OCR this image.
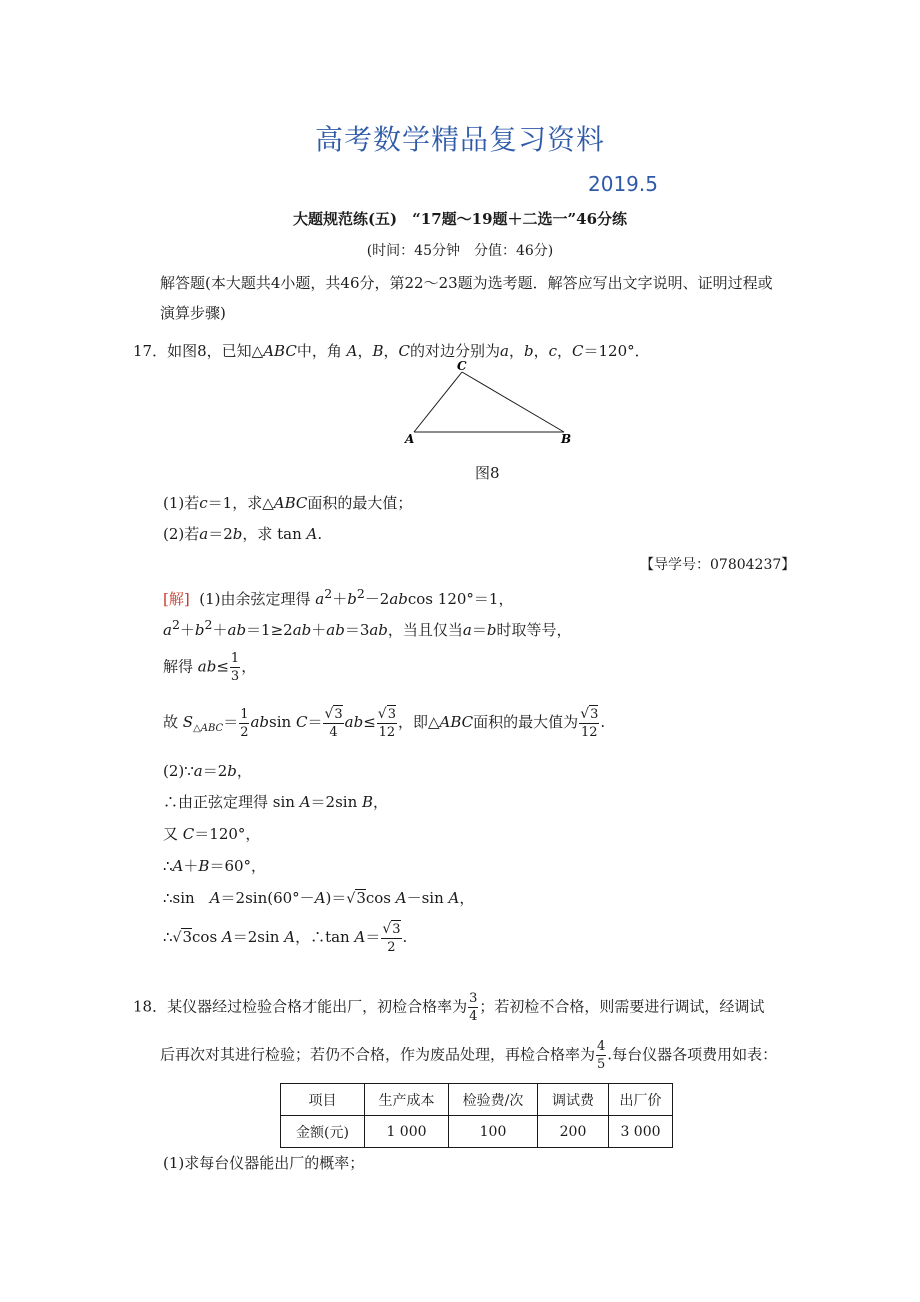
高考数学精品复习资料
2019.5
大题规范练(五)　“17题～19题＋二选一”46分练
(时间：45分钟　分值：46分)
解答题(本大题共4小题，共46分，第22～23题为选考题．解答应写出文字说明、证明过程或
演算步骤)
17．如图8，已知△ABC中，角 A，B，C的对边分别为a，b，c，C＝120°．
A
C
B
图8
(1)若c＝1，求△ABC面积的最大值；
(2)若a＝2b，求 tan A.
【导学号：07804237】
[解] (1)由余弦定理得 $a^2+b^2-2abcos$ 120°＝1，
$a^2+b^2+ab=1\ge 2ab+ab=3ab$，当且仅当a＝b时取等号，
解得 $ab\le \frac{1}{3}$ ，
故 $S_{\triangle ABC}= \frac{1}{2}$ absin $C= \frac{√3}{4} ab\le \frac{√3}{12}$ ，即△ABC面积的最大值为 $\frac{√3}{12}$ .
(2)∵a＝2b，
∴由正弦定理得 sin A＝2sin B，
又 C＝120°，
∴A＋B＝60°，
∴sin　A＝2sin(60°－A)＝√3cos A－sin A，
∴√3cos A＝2sin A，∴tan $A= \frac{√3}{2}$ .
18．某仪器经过检验合格才能出厂，初检合格率为 $\frac{3}{4}$ ；若初检不合格，则需要进行调试，经调试
后再次对其进行检验；若仍不合格，作为废品处理，再检合格率为 $\frac{4}{5}$ .每台仪器各项费用如表：
项目	生产成本	检验费/次	调试费	出厂价
金额(元)	1 000	100	200	3 000
(1)求每台仪器能出厂的概率；
